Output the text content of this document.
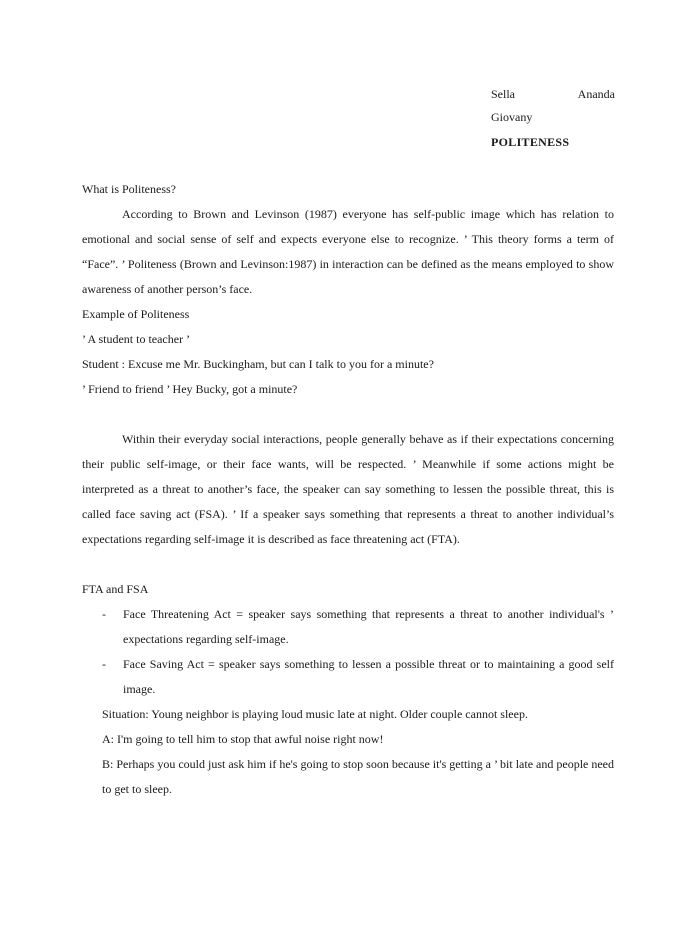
Sella	Ananda
Giovany
POLITENESS
What is Politeness?
According to Brown and Levinson (1987) everyone has self-public image which has relation to emotional and social sense of self and expects everyone else to recognize. ’ This theory forms a term of “Face”. ’ Politeness (Brown and Levinson:1987) in interaction can be defined as the means employed to show awareness of another person’s face.
Example of Politeness
’ A student to teacher ’
Student : Excuse me Mr. Buckingham, but can I talk to you for a minute?
’ Friend to friend ’ Hey Bucky, got a minute?
Within their everyday social interactions, people generally behave as if their expectations concerning their public self-image, or their face wants, will be respected. ’ Meanwhile if some actions might be interpreted as a threat to another’s face, the speaker can say something to lessen the possible threat, this is called face saving act (FSA). ’ If a speaker says something that represents a threat to another individual’s expectations regarding self-image it is described as face threatening act (FTA).
FTA and FSA
- Face Threatening Act = speaker says something that represents a threat to another individual's ’ expectations regarding self-image.
- Face Saving Act = speaker says something to lessen a possible threat or to maintaining a good self image.
Situation: Young neighbor is playing loud music late at night. Older couple cannot sleep.
A: I'm going to tell him to stop that awful noise right now!
B: Perhaps you could just ask him if he's going to stop soon because it's getting a ’ bit late and people need to get to sleep.
